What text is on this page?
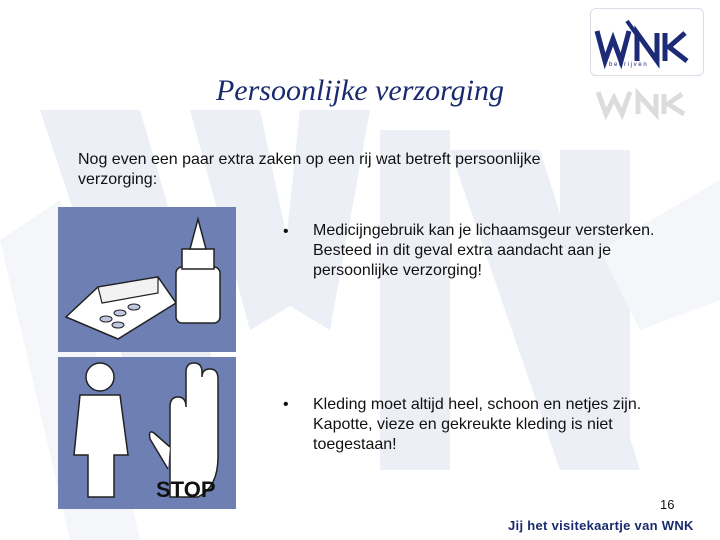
b e d r i j v e n
Persoonlijke verzorging
Nog even een paar extra zaken op een rij wat betreft persoonlijke verzorging:
STOP
• Medicijngebruik kan je lichaamsgeur versterken. Besteed in dit geval extra aandacht aan je persoonlijke verzorging!
• Kleding moet altijd heel, schoon en netjes zijn. Kapotte, vieze en gekreukte kleding is niet toegestaan!
16
Jij het visitekaartje van WNK
